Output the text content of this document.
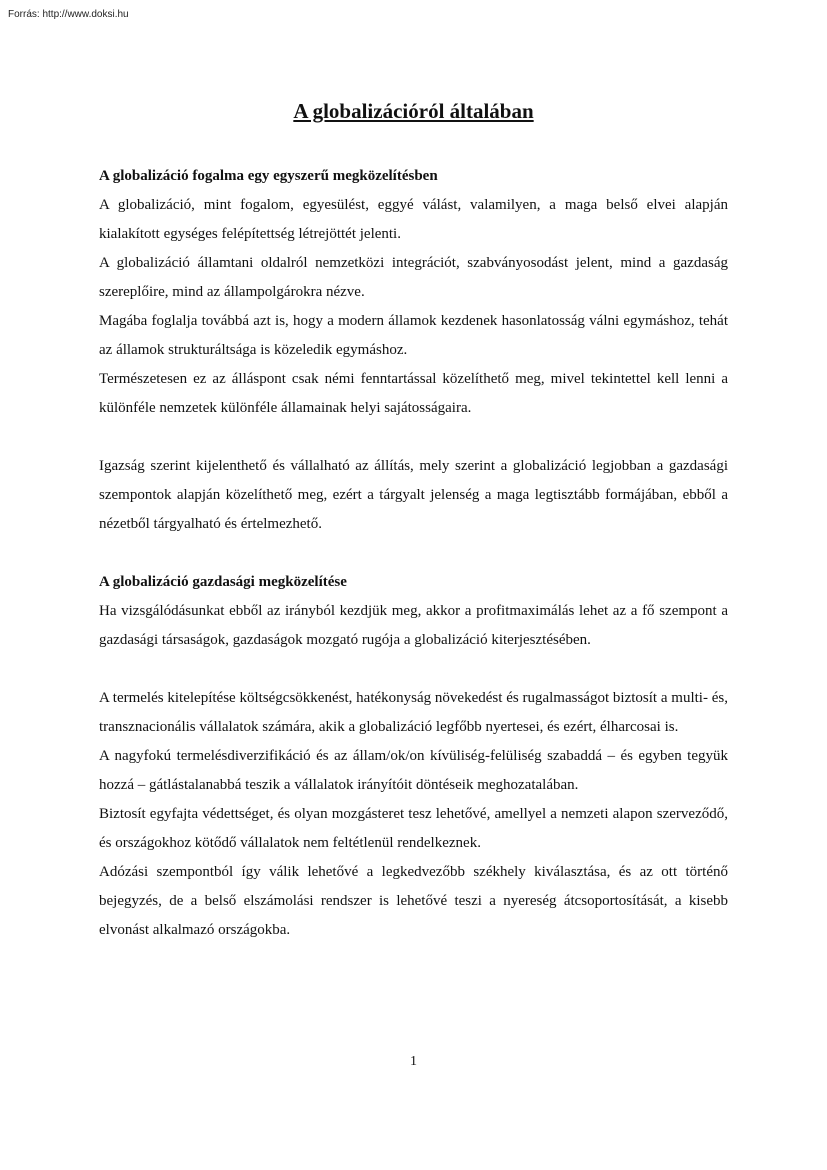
Forrás: http://www.doksi.hu
A globalizációról általában
A globalizáció fogalma egy egyszerű megközelítésben

A globalizáció, mint fogalom, egyesülést, eggyé válást, valamilyen, a maga belső elvei alapján kialakított egységes felépítettség létrejöttét jelenti.

A globalizáció államtani oldalról nemzetközi integrációt, szabványosodást jelent, mind a gazdaság szereplőire, mind az állampolgárokra nézve.

Magába foglalja továbbá azt is, hogy a modern államok kezdenek hasonlatosság válni egymáshoz, tehát az államok strukturáltsága is közeledik egymáshoz.

Természetesen ez az álláspont csak némi fenntartással közelíthető meg, mivel tekintettel kell lenni a különféle nemzetek különféle államainak helyi sajátosságaira.

Igazság szerint kijelenthető és vállalható az állítás, mely szerint a globalizáció legjobban a gazdasági szempontok alapján közelíthető meg, ezért a tárgyalt jelenség a maga legtisztább formájában, ebből a nézetből tárgyalható és értelmezhető.

A globalizáció gazdasági megközelítése

Ha vizsgálódásunkat ebből az irányból kezdjük meg, akkor a profitmaximálás lehet az a fő szempont a gazdasági társaságok, gazdaságok mozgató rugója a globalizáció kiterjesztésében.

A termelés kitelepítése költségcsökkenést, hatékonyság növekedést és rugalmasságot biztosít a multi- és, transznacionális vállalatok számára, akik a globalizáció legfőbb nyertesei, és ezért, élharcosai is.

A nagyfokú termelésdiverzifikáció és az állam/ok/on kívüliség-felüliség szabaddá – és egyben tegyük hozzá – gátlástalanabbá teszik a vállalatok irányítóit döntéseik meghozatalában.

Biztosít egyfajta védettséget, és olyan mozgásteret tesz lehetővé, amellyel a nemzeti alapon szerveződő, és országokhoz kötődő vállalatok nem feltétlenül rendelkeznek.

Adózási szempontból így válik lehetővé a legkedvezőbb székhely kiválasztása, és az ott történő bejegyzés, de a belső elszámolási rendszer is lehetővé teszi a nyereség átcsoportosítását, a kisebb elvonást alkalmazó országokba.

1
